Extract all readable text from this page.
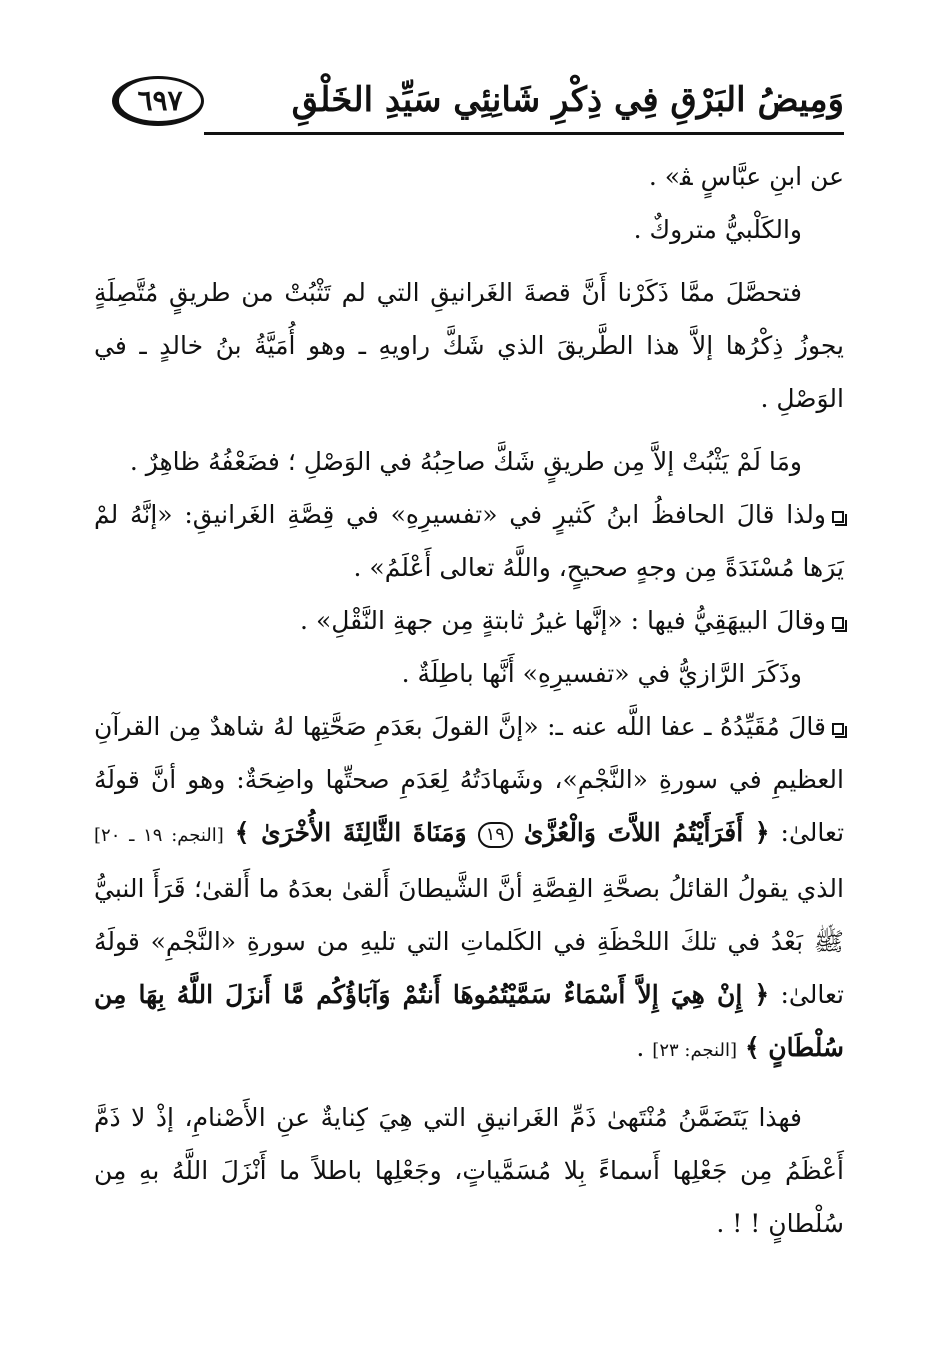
وَمِيضُ البَرْقِ فِي ذِكْرِ شَانِئِي سَيِّدِ الخَلْقِ
٦٩٧

عن ابنِ عبَّاسٍ ﭭ» .

والكَلْبيُّ متروكٌ .

فتحصَّلَ ممَّا ذَكَرْنا أَنَّ قصةَ الغَرانيقِ التي لم تَثْبُتْ من طريقٍ مُتَّصِلَةٍ يجوزُ ذِكْرُها إلاَّ هذا الطَّريقَ الذي شَكَّ راويهِ ـ وهو أُمَيَّةُ بنُ خالدٍ ـ في الوَصْلِ .

ومَا لَمْ يَثْبُتْ إلاَّ مِن طريقٍ شَكَّ صاحِبُهُ في الوَصْلِ ؛ فضَعْفُهُ ظاهِرٌ .

ولذا قالَ الحافظُ ابنُ كَثيرٍ في «تفسيرِهِ» في قِصَّةِ الغَرانيقِ: «إنَّهُ لمْ يَرَها مُسْنَدَةً مِن وجهٍ صحيحٍ، واللَّهُ تعالى أَعْلَمُ» .

وقالَ البيهَقِيُّ فيها : «إنَّها غيرُ ثابتةٍ مِن جهةِ النَّقْلِ» .

وذَكَرَ الرَّازيُّ في «تفسيرِهِ» أَنَّها باطِلَةٌ .

قالَ مُقَيِّدُهُ ـ عفا اللَّه عنه ـ: «إنَّ القولَ بعَدَمِ صَحَّتِها لهُ شاهدٌ مِن القرآنِ العظيمِ في سورةِ «النَّجْمِ»، وشَهادَتُهُ لِعَدَمِ صحتِّها واضِحَةٌ: وهو أنَّ قولَهُ تعالىٰ: ﴿ أَفَرَأَيْتُمُ اللاَّتَ وَالْعُزَّىٰ ١٩ وَمَنَاةَ الثَّالِثَةَ الأُخْرَىٰ ﴾ [النجم: ١٩ ـ ٢٠] الذي يقولُ القائلُ بصحَّةِ القِصَّةِ أنَّ الشَّيطانَ أَلقىٰ بعدَهُ ما أَلقىٰ؛ قَرَأَ النبيُّ ﷺ بَعْدُ في تلكَ اللحْظَةِ في الكَلماتِ التي تليهِ من سورةِ «النَّجْمِ» قولَهُ تعالىٰ: ﴿ إِنْ هِيَ إِلاَّ أَسْمَاءٌ سَمَّيْتُمُوهَا أَنتُمْ وَآبَاؤُكُم مَّا أَنزَلَ اللَّهُ بِهَا مِن سُلْطَانٍ ﴾ [النجم: ٢٣] .

فهذا يَتَضَمَّنُ مُنْتَهىٰ ذَمِّ الغَرانيقِ التي هِيَ كِنايةٌ عنِ الأَصْنامِ، إذْ لا ذَمَّ أَعْظَمُ مِن جَعْلِها أَسماءً بِلا مُسَمَّياتٍ، وجَعْلِها باطلاً ما أَنْزَلَ اللَّهُ بهِ مِن سُلْطانٍ ! ! .
